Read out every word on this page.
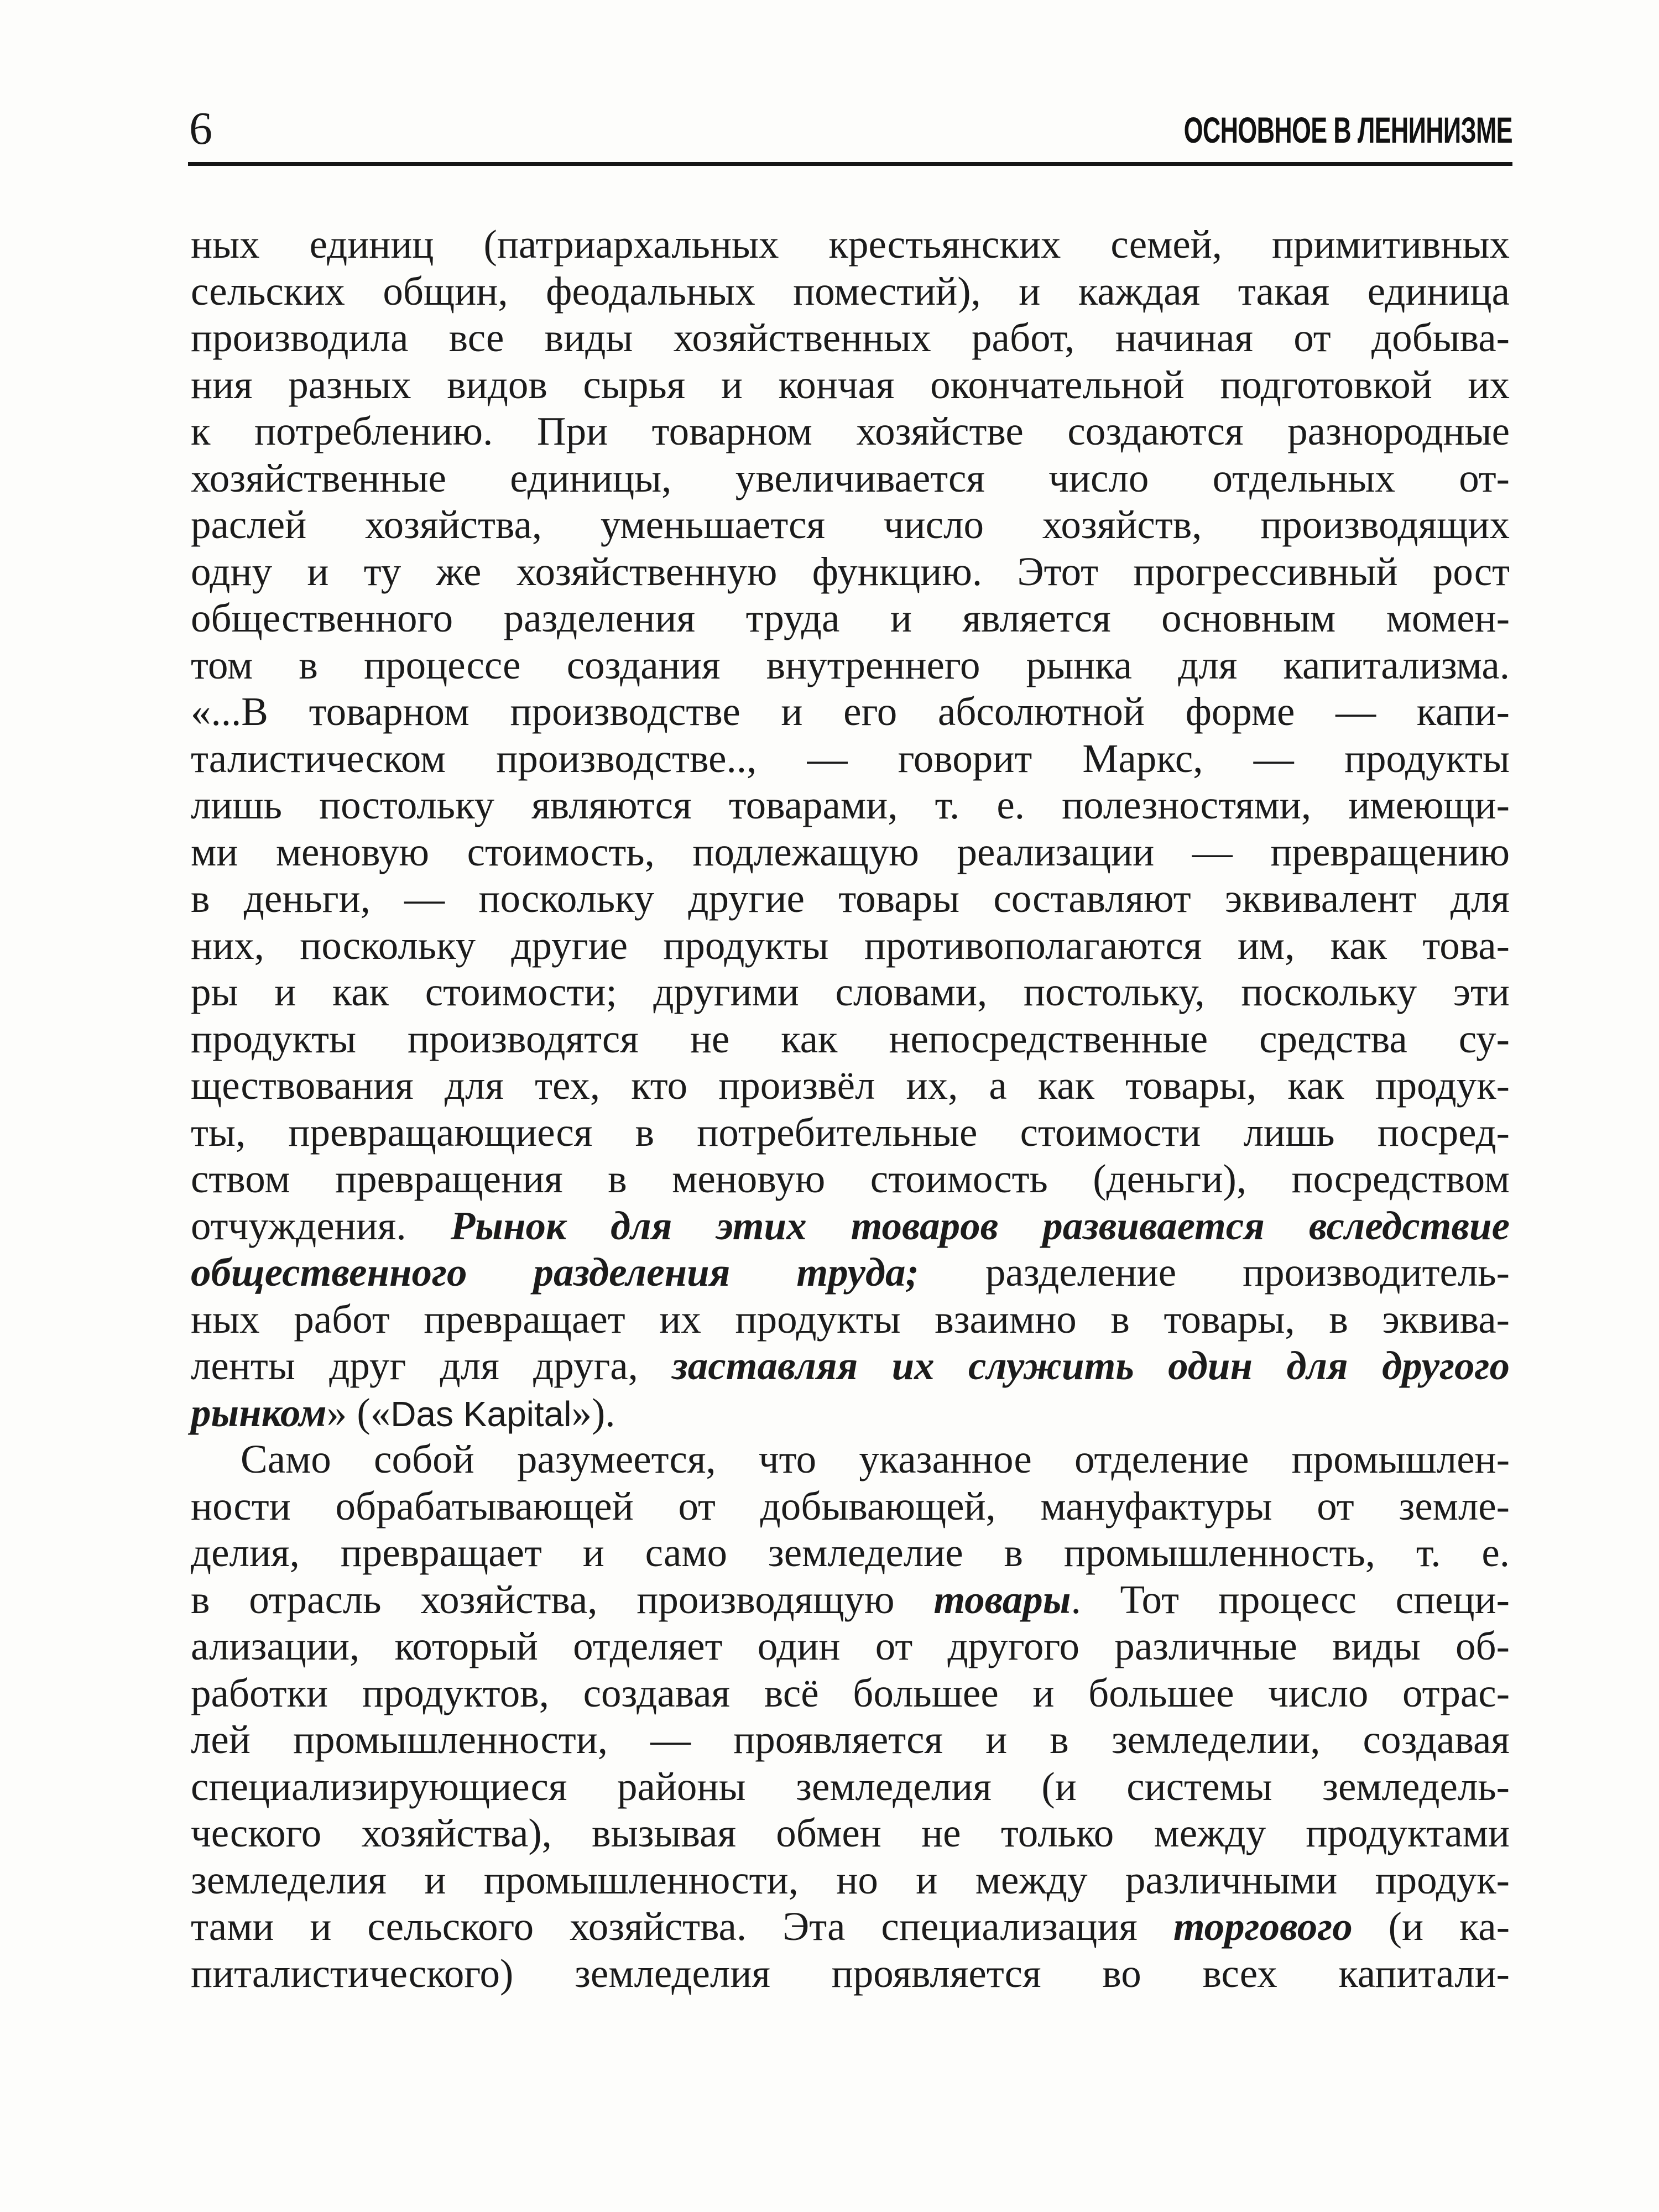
6	ОСНОВНОЕ В ЛЕНИНИЗМЕ
ных единиц (патриархальных крестьянских семей, примитивных
сельских общин, феодальных поместий), и каждая такая единица
производила все виды хозяйственных работ, начиная от добыва-
ния разных видов сырья и кончая окончательной подготовкой их
к потреблению. При товарном хозяйстве создаются разнородные
хозяйственные единицы, увеличивается число отдельных от-
раслей хозяйства, уменьшается число хозяйств, производящих
одну и ту же хозяйственную функцию. Этот прогрессивный рост
общественного разделения труда и является основным момен-
том в процессе создания внутреннего рынка для капитализма.
«...В товарном производстве и его абсолютной форме — капи-
талистическом производстве.., — говорит Маркс, — продукты
лишь постольку являются товарами, т. е. полезностями, имеющи-
ми меновую стоимость, подлежащую реализации — превращению
в деньги, — поскольку другие товары составляют эквивалент для
них, поскольку другие продукты противополагаются им, как това-
ры и как стоимости; другими словами, постольку, поскольку эти
продукты производятся не как непосредственные средства су-
ществования для тех, кто произвёл их, а как товары, как продук-
ты, превращающиеся в потребительные стоимости лишь посред-
ством превращения в меновую стоимость (деньги), посредством
отчуждения. Рынок для этих товаров развивается вследствие
общественного разделения труда; разделение производитель-
ных работ превращает их продукты взаимно в товары, в эквива-
ленты друг для друга, заставляя их служить один для другого
рынком» («Das Kapital»).
Само собой разумеется, что указанное отделение промышлен-
ности обрабатывающей от добывающей, мануфактуры от земле-
делия, превращает и само земледелие в промышленность, т. е.
в отрасль хозяйства, производящую товары. Тот процесс специ-
ализации, который отделяет один от другого различные виды об-
работки продуктов, создавая всё большее и большее число отрас-
лей промышленности, — проявляется и в земледелии, создавая
специализирующиеся районы земледелия (и системы земледель-
ческого хозяйства), вызывая обмен не только между продуктами
земледелия и промышленности, но и между различными продук-
тами и сельского хозяйства. Эта специализация торгового (и ка-
питалистического) земледелия проявляется во всех капитали-
